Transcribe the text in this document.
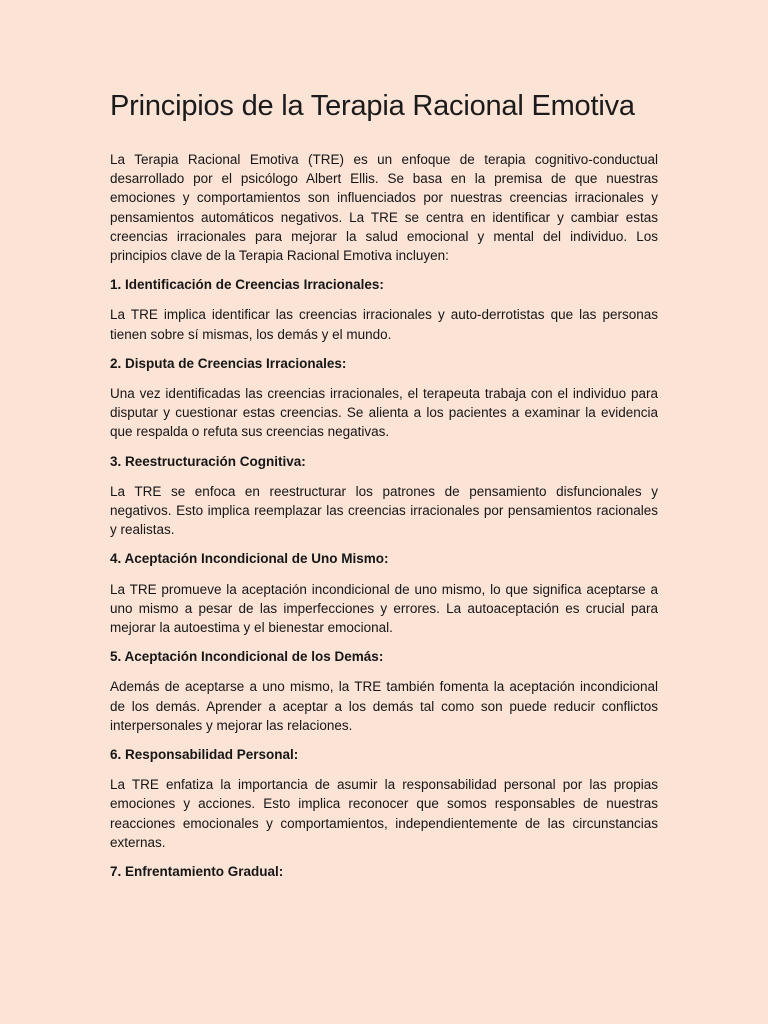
Principios de la Terapia Racional Emotiva

La Terapia Racional Emotiva (TRE) es un enfoque de terapia cognitivo-conductual desarrollado por el psicólogo Albert Ellis. Se basa en la premisa de que nuestras emociones y comportamientos son influenciados por nuestras creencias irracionales y pensamientos automáticos negativos. La TRE se centra en identificar y cambiar estas creencias irracionales para mejorar la salud emocional y mental del individuo. Los principios clave de la Terapia Racional Emotiva incluyen:

1. Identificación de Creencias Irracionales:

La TRE implica identificar las creencias irracionales y auto-derrotistas que las personas tienen sobre sí mismas, los demás y el mundo.

2. Disputa de Creencias Irracionales:

Una vez identificadas las creencias irracionales, el terapeuta trabaja con el individuo para disputar y cuestionar estas creencias. Se alienta a los pacientes a examinar la evidencia que respalda o refuta sus creencias negativas.

3. Reestructuración Cognitiva:

La TRE se enfoca en reestructurar los patrones de pensamiento disfuncionales y negativos. Esto implica reemplazar las creencias irracionales por pensamientos racionales y realistas.

4. Aceptación Incondicional de Uno Mismo:

La TRE promueve la aceptación incondicional de uno mismo, lo que significa aceptarse a uno mismo a pesar de las imperfecciones y errores. La autoaceptación es crucial para mejorar la autoestima y el bienestar emocional.

5. Aceptación Incondicional de los Demás:

Además de aceptarse a uno mismo, la TRE también fomenta la aceptación incondicional de los demás. Aprender a aceptar a los demás tal como son puede reducir conflictos interpersonales y mejorar las relaciones.

6. Responsabilidad Personal:

La TRE enfatiza la importancia de asumir la responsabilidad personal por las propias emociones y acciones. Esto implica reconocer que somos responsables de nuestras reacciones emocionales y comportamientos, independientemente de las circunstancias externas.

7. Enfrentamiento Gradual:
